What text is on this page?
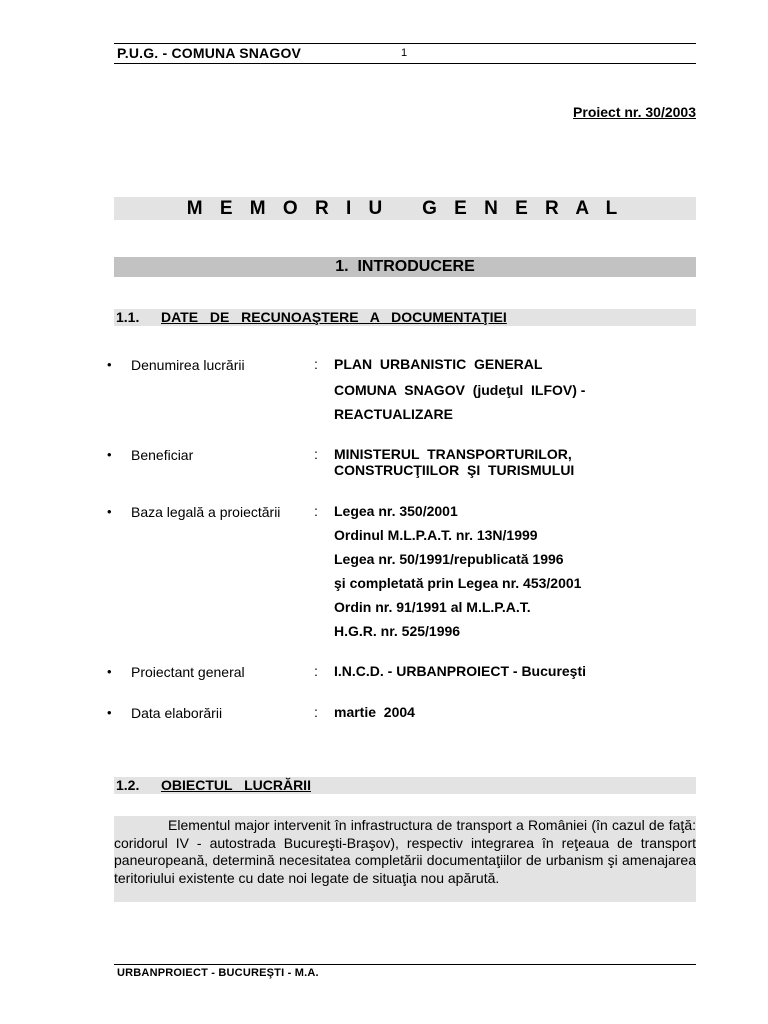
P.U.G. - COMUNA SNAGOV	1
Proiect nr. 30/2003
M E M O R I U   G E N E R A L
1.  INTRODUCERE
1.1. DATE  DE  RECUNOAŞTERE  A  DOCUMENTAŢIEI
• Denumirea lucrării	: PLAN  URBANISTIC  GENERAL
COMUNA  SNAGOV  (judeţul  ILFOV) -
REACTUALIZARE
• Beneficiar	: MINISTERUL  TRANSPORTURILOR,
CONSTRUCŢIILOR  ŞI  TURISMULUI
• Baza legală a proiectării : Legea nr. 350/2001
Ordinul M.L.P.A.T. nr. 13N/1999
Legea nr. 50/1991/republicată 1996
şi completată prin Legea nr. 453/2001
Ordin nr. 91/1991 al M.L.P.A.T.
H.G.R. nr. 525/1996
• Proiectant general	: I.N.C.D. - URBANPROIECT - Bucureşti
• Data elaborării	: martie  2004
1.2. OBIECTUL  LUCRĂRII
Elementul major intervenit în infrastructura de transport a României (în cazul de faţă: coridorul IV - autostrada Bucureşti-Braşov), respectiv integrarea în reţeaua de transport paneuropeană, determină necesitatea completării documentaţiilor de urbanism şi amenajarea teritoriului existente cu date noi legate de situaţia nou apărută.
URBANPROIECT - BUCUREŞTI - M.A.
